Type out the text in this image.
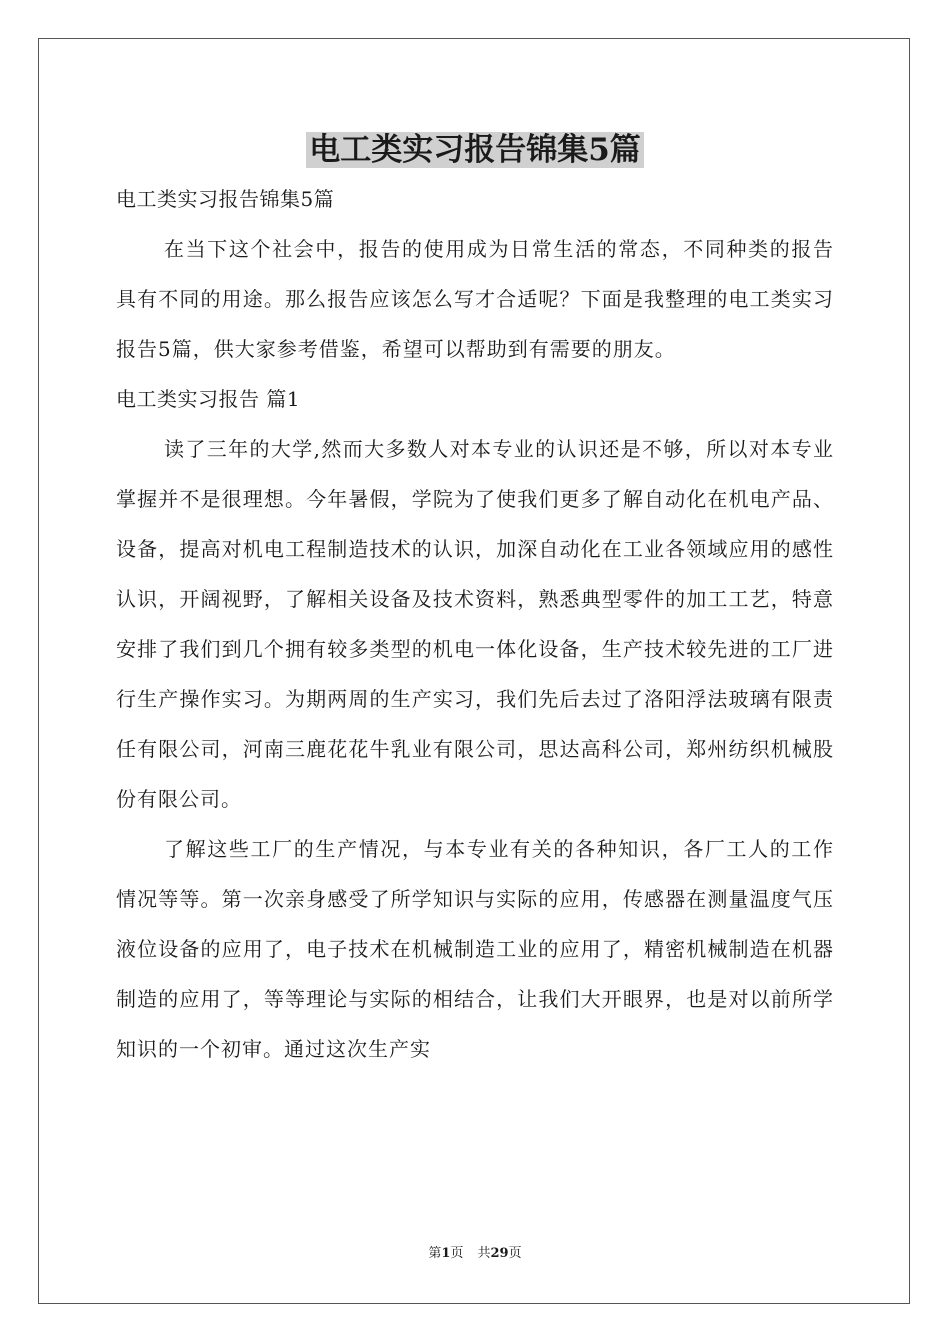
电工类实习报告锦集5篇

电工类实习报告锦集5篇

在当下这个社会中，报告的使用成为日常生活的常态，不同种类的报告具有不同的用途。那么报告应该怎么写才合适呢？下面是我整理的电工类实习报告5篇，供大家参考借鉴，希望可以帮助到有需要的朋友。

电工类实习报告 篇1

读了三年的大学,然而大多数人对本专业的认识还是不够，所以对本专业掌握并不是很理想。今年暑假，学院为了使我们更多了解自动化在机电产品、设备，提高对机电工程制造技术的认识，加深自动化在工业各领域应用的感性认识，开阔视野，了解相关设备及技术资料，熟悉典型零件的加工工艺，特意安排了我们到几个拥有较多类型的机电一体化设备，生产技术较先进的工厂进行生产操作实习。为期两周的生产实习，我们先后去过了洛阳浮法玻璃有限责任有限公司，河南三鹿花花牛乳业有限公司，思达高科公司，郑州纺织机械股份有限公司。

了解这些工厂的生产情况，与本专业有关的各种知识，各厂工人的工作情况等等。第一次亲身感受了所学知识与实际的应用，传感器在测量温度气压液位设备的应用了，电子技术在机械制造工业的应用了，精密机械制造在机器制造的应用了，等等理论与实际的相结合，让我们大开眼界，也是对以前所学知识的一个初审。通过这次生产实

第1页 共29页
